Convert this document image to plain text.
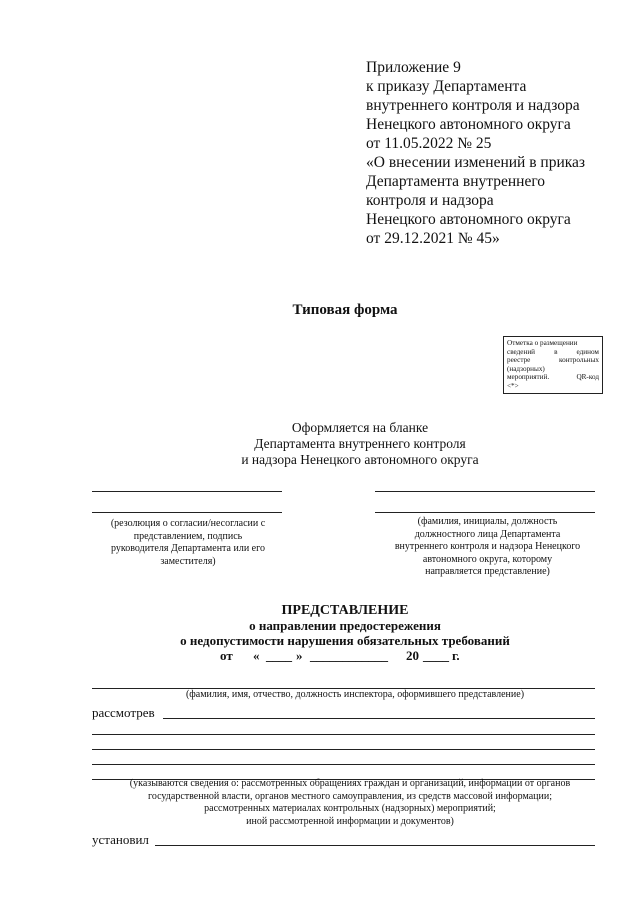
Приложение 9
к приказу Департамента
внутреннего контроля и надзора
Ненецкого автономного округа
от 11.05.2022 № 25
«О внесении изменений в приказ
Департамента внутреннего
контроля и надзора
Ненецкого автономного округа
от 29.12.2021 № 45»
Типовая форма
Отметка о размещении
сведений	в	едином
реестре	контрольных
(надзорных)
мероприятий.	QR-код
<*>
Оформляется на бланке
Департамента внутреннего контроля
и надзора Ненецкого автономного округа
(резолюция о согласии/несогласии с
представлением, подпись
руководителя Департамента или его
заместителя)
(фамилия, инициалы, должность
должностного лица Департамента
внутреннего контроля и надзора Ненецкого
автономного округа, которому
направляется представление)
ПРЕДСТАВЛЕНИЕ
о направлении предостережения
о недопустимости нарушения обязательных требований
от « ____ » ____________ 20 ____ г.
(фамилия, имя, отчество, должность инспектора, оформившего представление)
рассмотрев
(указываются сведения о: рассмотренных обращениях граждан и организаций, информации от органов
государственной власти, органов местного самоуправления, из средств массовой информации;
рассмотренных материалах контрольных (надзорных) мероприятий;
иной рассмотренной информации и документов)
установил
